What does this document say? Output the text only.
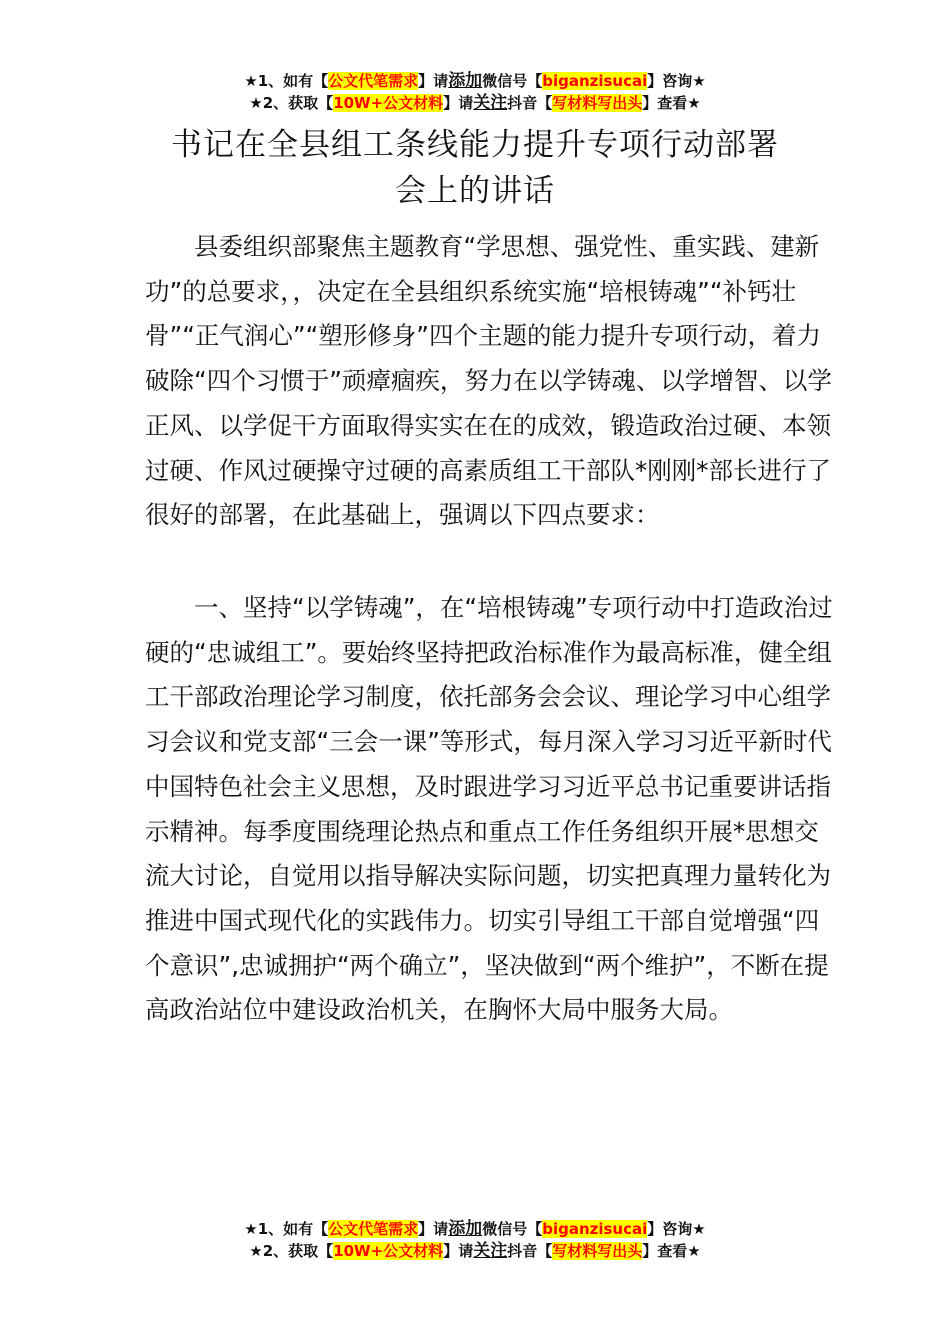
★1、如有【公文代笔需求】请添加微信号【biganzisucai】咨询★
★2、获取【10W+公文材料】请关注抖音【写材料写出头】查看★
书记在全县组工条线能力提升专项行动部署
会上的讲话

县委组织部聚焦主题教育“学思想、强党性、重实践、建新功”的总要求，，决定在全县组织系统实施“培根铸魂”“补钙壮骨”“正气润心”“塑形修身”四个主题的能力提升专项行动，着力破除“四个习惯于”顽瘴痼疾，努力在以学铸魂、以学增智、以学正风、以学促干方面取得实实在在的成效，锻造政治过硬、本领过硬、作风过硬操守过硬的高素质组工干部队*刚刚*部长进行了很好的部署，在此基础上，强调以下四点要求：

一、坚持“以学铸魂”，在“培根铸魂”专项行动中打造政治过硬的“忠诚组工”。要始终坚持把政治标准作为最高标准，健全组工干部政治理论学习制度，依托部务会会议、理论学习中心组学习会议和党支部“三会一课”等形式，每月深入学习习近平新时代中国特色社会主义思想，及时跟进学习习近平总书记重要讲话指示精神。每季度围绕理论热点和重点工作任务组织开展*思想交流大讨论，自觉用以指导解决实际问题，切实把真理力量转化为推进中国式现代化的实践伟力。切实引导组工干部自觉增强“四个意识”,忠诚拥护“两个确立”，坚决做到“两个维护”，不断在提高政治站位中建设政治机关，在胸怀大局中服务大局。

★1、如有【公文代笔需求】请添加微信号【biganzisucai】咨询★
★2、获取【10W+公文材料】请关注抖音【写材料写出头】查看★
